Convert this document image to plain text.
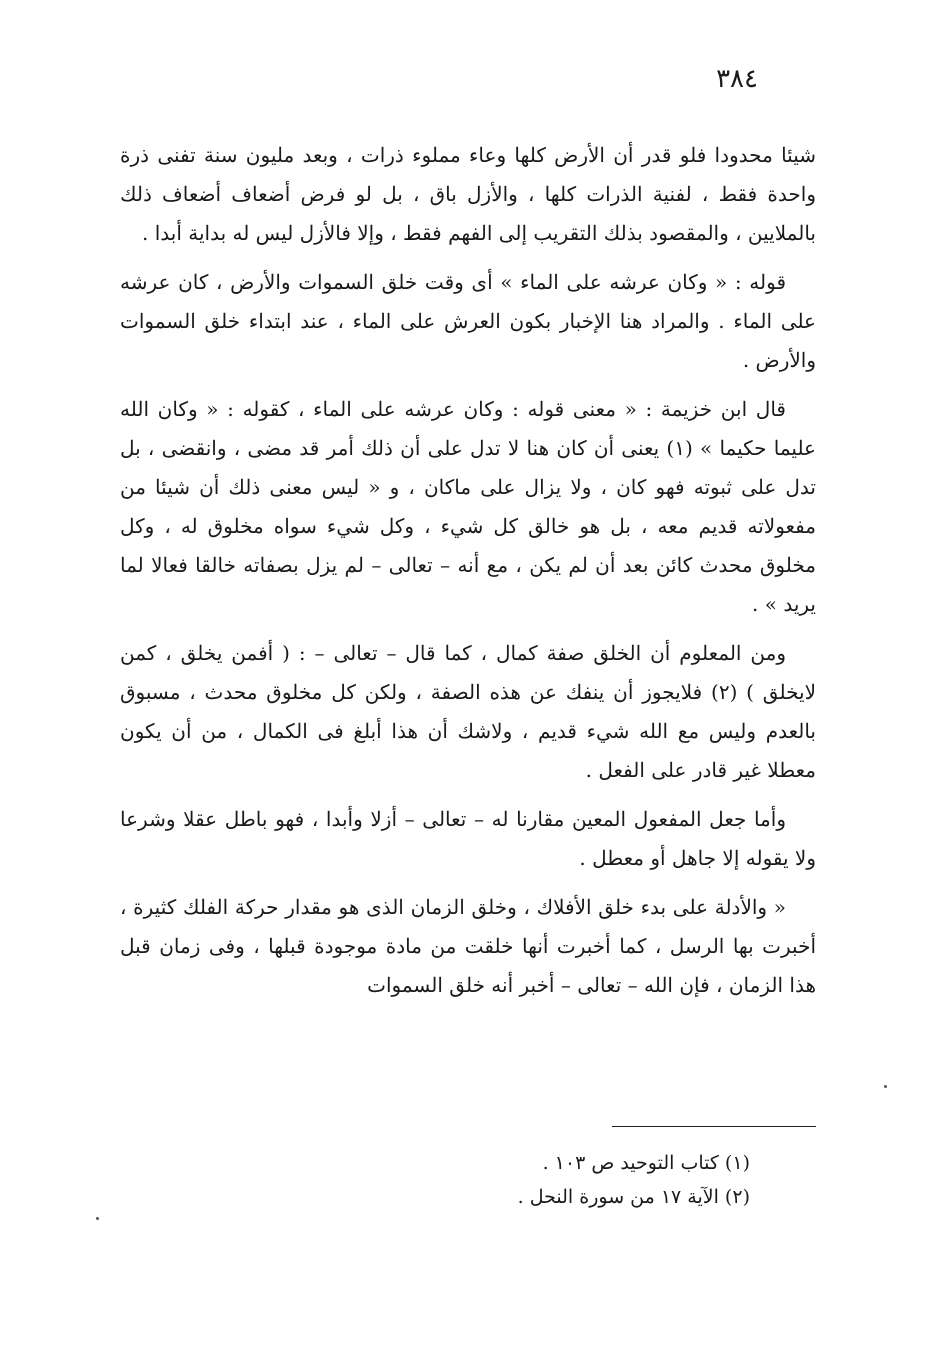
٣٨٤

شيئا محدودا فلو قدر أن الأرض كلها وعاء مملوء ذرات ، وبعد مليون سنة تفنى ذرة واحدة فقط ، لفنية الذرات كلها ، والأزل باق ، بل لو فرض أضعاف أضعاف ذلك بالملايين ، والمقصود بذلك التقريب إلى الفهم فقط ، وإلا فالأزل ليس له بداية أبدا .

قوله : « وكان عرشه على الماء » أى وقت خلق السموات والأرض ، كان عرشه على الماء . والمراد هنا الإخبار بكون العرش على الماء ، عند ابتداء خلق السموات والأرض .

قال ابن خزيمة : « معنى قوله : وكان عرشه على الماء ، كقوله : « وكان الله عليما حكيما » (١) يعنى أن كان هنا لا تدل على أن ذلك أمر قد مضى ، وانقضى ، بل تدل على ثبوته فهو كان ، ولا يزال على ماكان ، و « ليس معنى ذلك أن شيئا من مفعولاته قديم معه ، بل هو خالق كل شيء ، وكل شيء سواه مخلوق له ، وكل مخلوق محدث كائن بعد أن لم يكن ، مع أنه – تعالى – لم يزل بصفاته خالقا فعالا لما يريد » .

ومن المعلوم أن الخلق صفة كمال ، كما قال – تعالى – : ( أفمن يخلق ، كمن لايخلق ) (٢) فلايجوز أن ينفك عن هذه الصفة ، ولكن كل مخلوق محدث ، مسبوق بالعدم وليس مع الله شيء قديم ، ولاشك أن هذا أبلغ فى الكمال ، من أن يكون معطلا غير قادر على الفعل .

وأما جعل المفعول المعين مقارنا له – تعالى – أزلا وأبدا ، فهو باطل عقلا وشرعا ولا يقوله إلا جاهل أو معطل .

« والأدلة على بدء خلق الأفلاك ، وخلق الزمان الذى هو مقدار حركة الفلك كثيرة ، أخبرت بها الرسل ، كما أخبرت أنها خلقت من مادة موجودة قبلها ، وفى زمان قبل هذا الزمان ، فإن الله – تعالى – أخبر أنه خلق السموات

(١) كتاب التوحيد ص ١٠٣ .
(٢) الآية ١٧ من سورة النحل .
